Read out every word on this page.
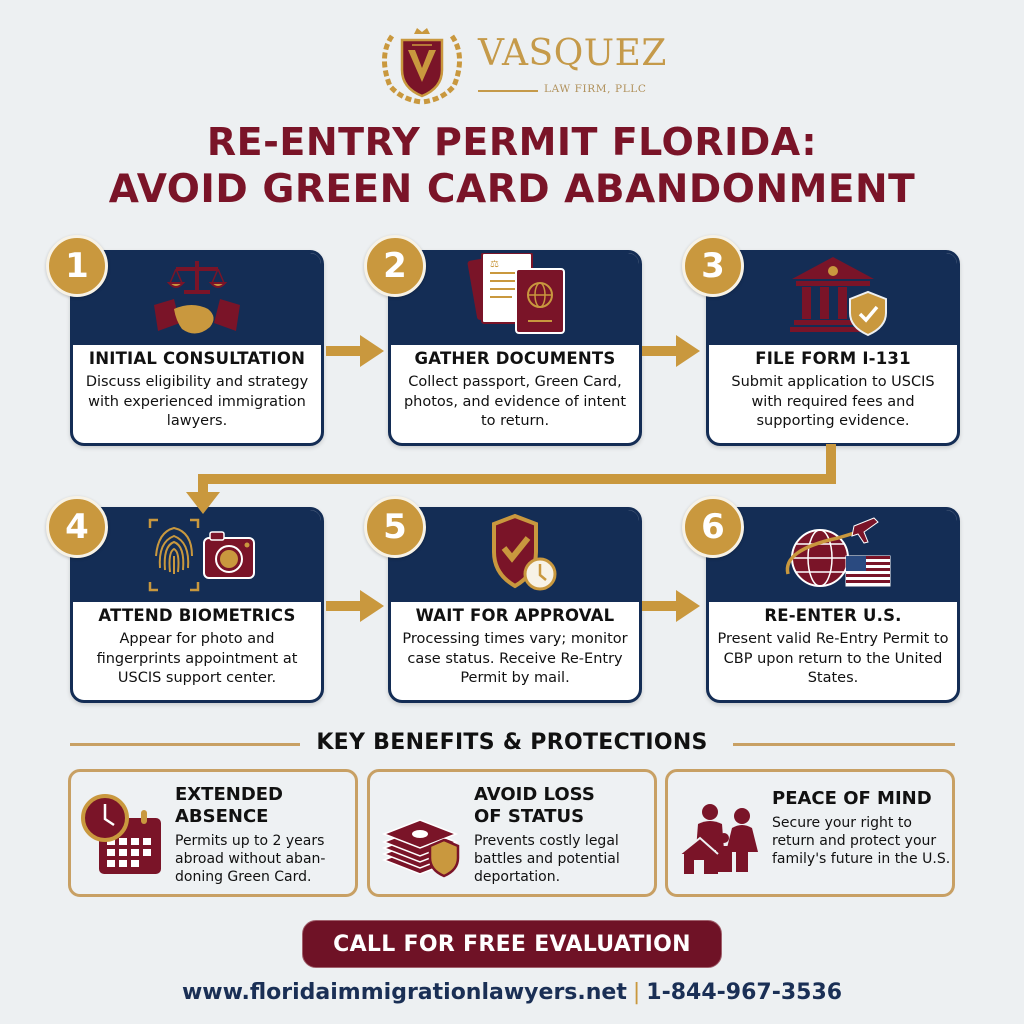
VASQUEZ
LAW FIRM, PLLC
RE-ENTRY PERMIT FLORIDA:
AVOID GREEN CARD ABANDONMENT
1
INITIAL CONSULTATION
Discuss eligibility and strategy with experienced immigration lawyers.
2	⚖
GATHER DOCUMENTS
Collect passport, Green Card, photos, and evidence of intent to return.
3
FILE FORM I-131
Submit application to USCIS with required fees and supporting evidence.
4
ATTEND BIOMETRICS
Appear for photo and fingerprints appointment at USCIS support center.
5
WAIT FOR APPROVAL
Processing times vary; monitor case status. Receive Re-Entry Permit by mail.
6
RE-ENTER U.S.
Present valid Re-Entry Permit to CBP upon return to the United States.
KEY BENEFITS & PROTECTIONS
EXTENDED
ABSENCE
Permits up to 2 years abroad without aban-doning Green Card.
AVOID LOSS
OF STATUS
Prevents costly legal battles and potential deportation.
PEACE OF MIND
Secure your right to return and protect your family's future in the U.S.
CALL FOR FREE EVALUATION
www.floridaimmigrationlawyers.net | 1-844-967-3536
